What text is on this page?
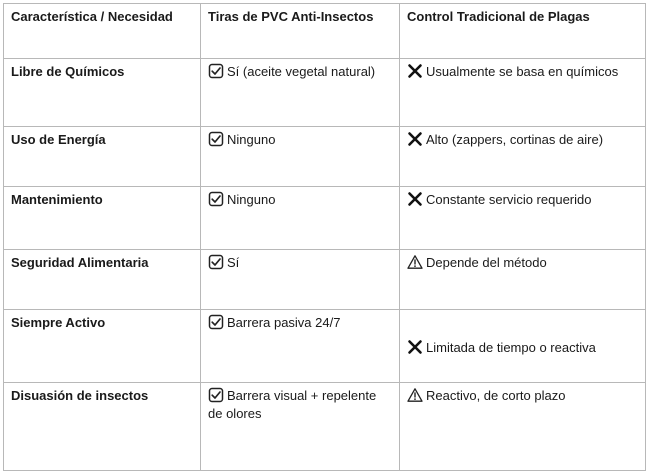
Característica / Necesidad	Tiras de PVC Anti-Insectos	Control Tradicional de Plagas
Libre de Químicos	Sí (aceite vegetal natural)	Usualmente se basa en químicos
Uso de Energía	Ninguno	Alto (zappers, cortinas de aire)
Mantenimiento	Ninguno	Constante servicio requerido
Seguridad Alimentaria	Sí	Depende del método
Siempre Activo	Barrera pasiva 24/7	Limitada de tiempo o reactiva
Disuasión de insectos	Barrera visual + repelente de olores	Reactivo, de corto plazo
